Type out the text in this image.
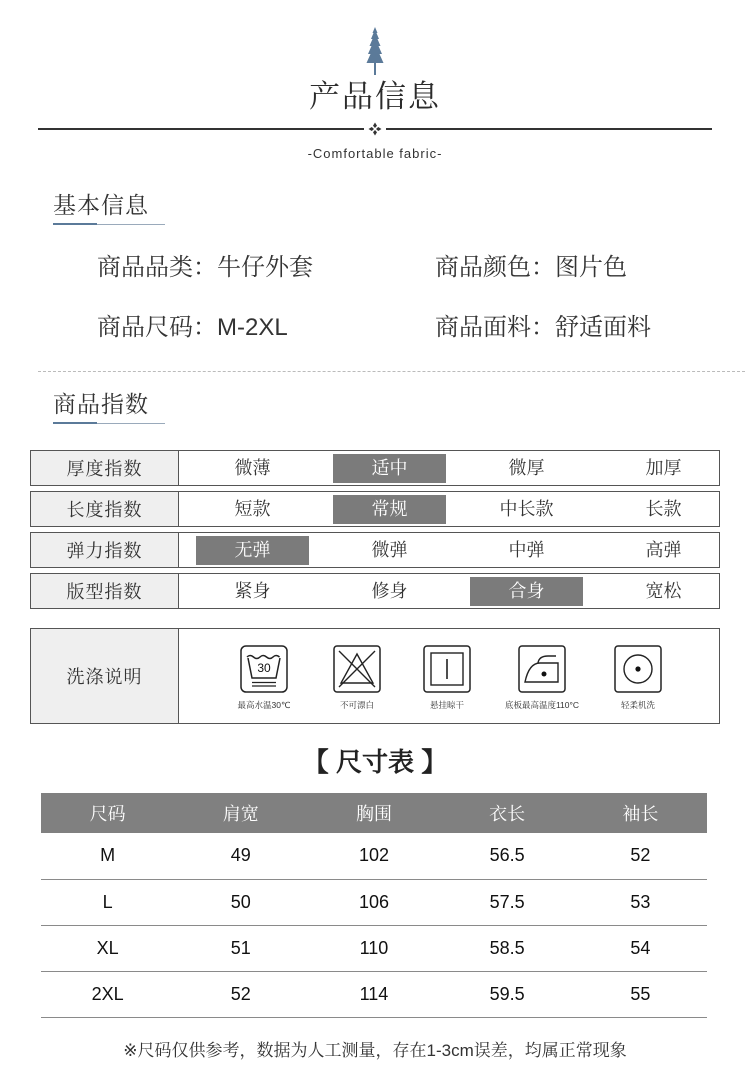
产品信息
-Comfortable fabric-
基本信息
商品品类：牛仔外套	商品颜色：图片色
商品尺码：M-2XL	商品面料：舒适面料
商品指数
厚度指数	微薄	适中	微厚	加厚
长度指数	短款	常规	中长款	长款
弹力指数	无弹	微弹	中弹	高弹
版型指数	紧身	修身	合身	宽松
洗涤说明	30
最高水温30℃	不可漂白	悬挂晾干	底板最高温度110°C	轻柔机洗
【 尺寸表 】
尺码	肩宽	胸围	衣长	袖长
M	49	102	56.5	52
L	50	106	57.5	53
XL	51	110	58.5	54
2XL	52	114	59.5	55
※尺码仅供参考，数据为人工测量，存在1-3cm误差，均属正常现象
